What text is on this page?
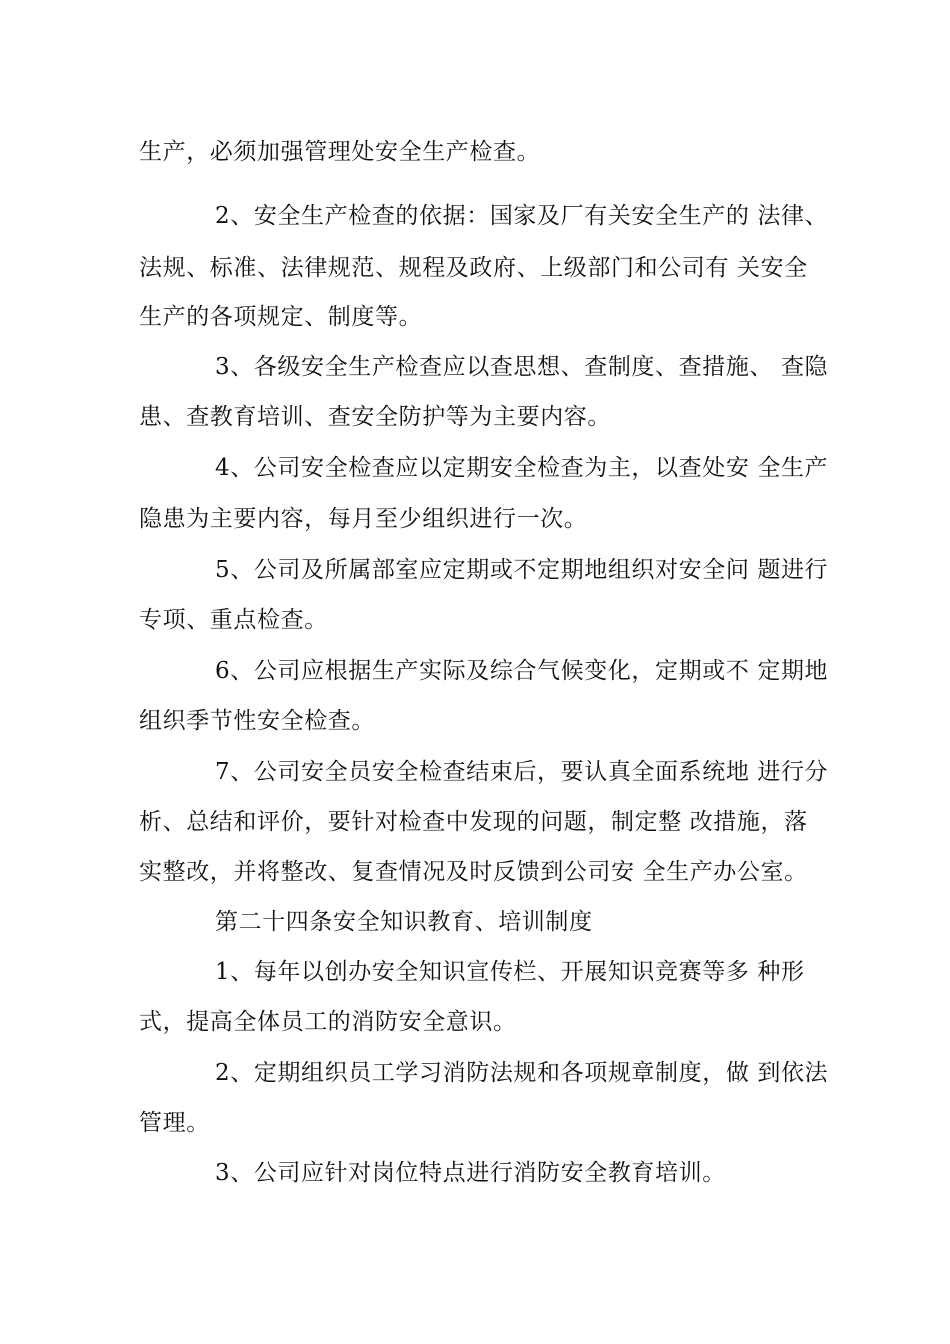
生产，必须加强管理处安全生产检查。
2、安全生产检查的依据：国家及厂有关安全生产的 法律、
法规、标准、法律规范、规程及政府、上级部门和公司有 关安全
生产的各项规定、制度等。
3、各级安全生产检查应以查思想、查制度、查措施、 查隐
患、查教育培训、查安全防护等为主要内容。
4、公司安全检查应以定期安全检查为主，以查处安 全生产
隐患为主要内容，每月至少组织进行一次。
5、公司及所属部室应定期或不定期地组织对安全问 题进行
专项、重点检查。
6、公司应根据生产实际及综合气候变化，定期或不 定期地
组织季节性安全检查。
7、公司安全员安全检查结束后，要认真全面系统地 进行分
析、总结和评价，要针对检查中发现的问题，制定整 改措施，落
实整改，并将整改、复查情况及时反馈到公司安 全生产办公室。
第二十四条安全知识教育、培训制度
1、每年以创办安全知识宣传栏、开展知识竞赛等多 种形
式，提高全体员工的消防安全意识。
2、定期组织员工学习消防法规和各项规章制度，做 到依法
管理。
3、公司应针对岗位特点进行消防安全教育培训。
